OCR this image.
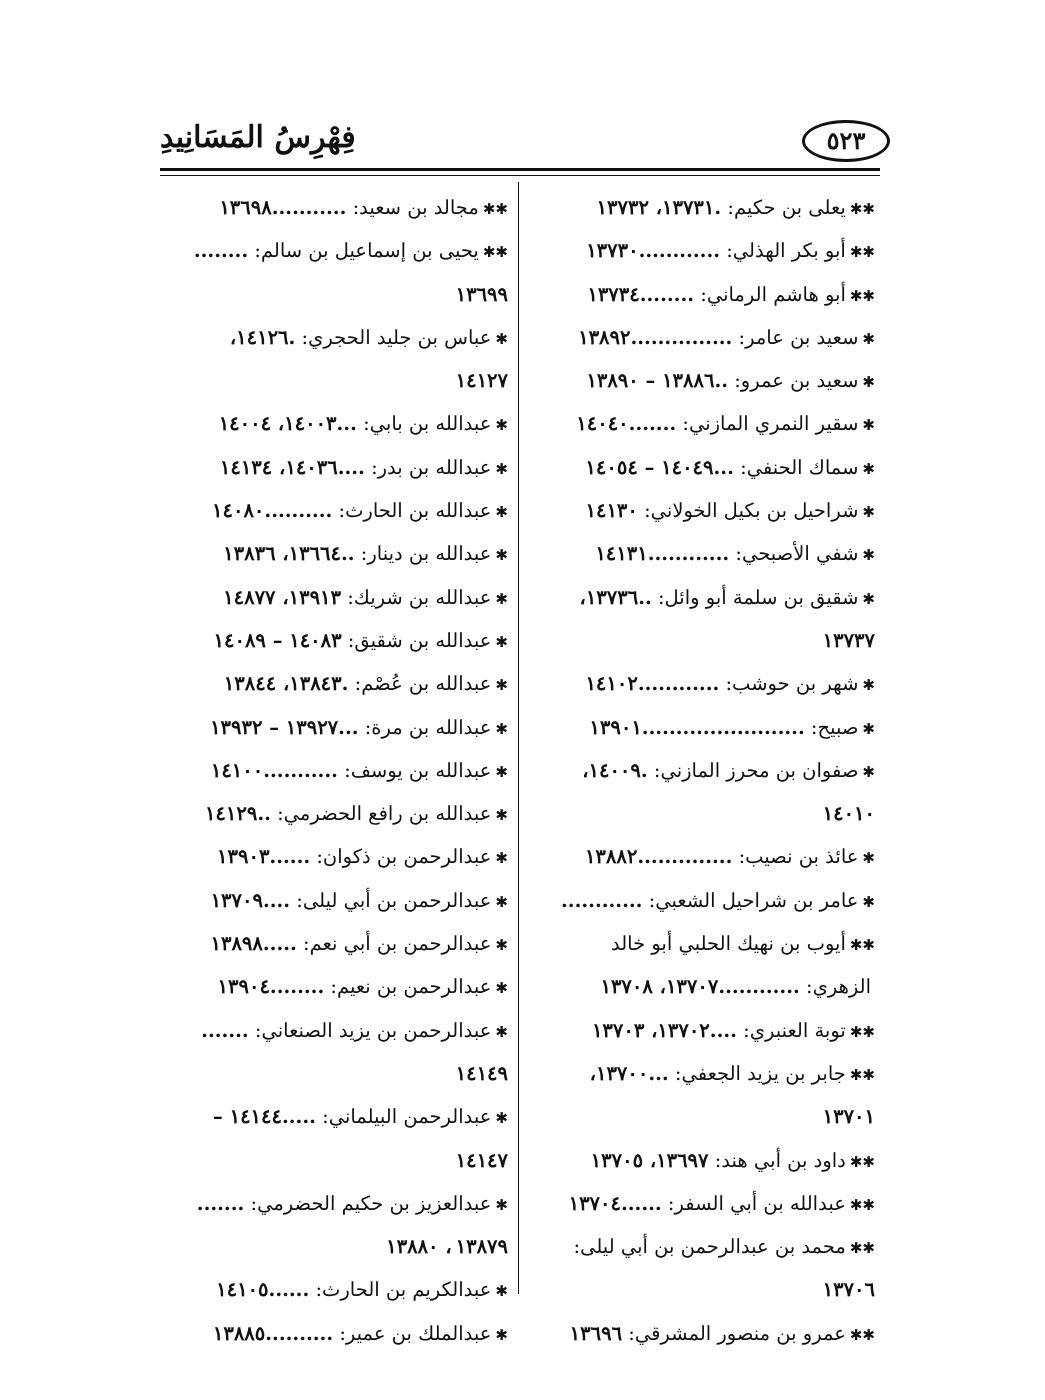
٥٢٣
فِهْرِسُ المَسَانِيدِ
✱✱يعلى بن حكيم: .١٣٧٣١، ١٣٧٣٢
✱✱أبو بكر الهذلي: ............١٣٧٣٠
✱✱أبو هاشم الرماني: ........١٣٧٣٤
✱سعيد بن عامر: ...............١٣٨٩٢
✱سعيد بن عمرو: ..١٣٨٨٦ – ١٣٨٩٠
✱سقير النمري المازني: .......١٤٠٤٠
✱سماك الحنفي: ...١٤٠٤٩ – ١٤٠٥٤
✱شراحيل بن بكيل الخولاني: ١٤١٣٠
✱شفي الأصبحي: ............١٤١٣١
✱شقيق بن سلمة أبو وائل: ..١٣٧٣٦،
١٣٧٣٧
✱شهر بن حوشب: ............١٤١٠٢
✱صبيح: ........................١٣٩٠١
✱صفوان بن محرز المازني: .١٤٠٠٩،
١٤٠١٠
✱عائذ بن نصيب: ..............١٣٨٨٢
✱عامر بن شراحيل الشعبي: ............
✱✱أيوب بن نهيك الحلبي أبو خالد
الزهري: ............١٣٧٠٧، ١٣٧٠٨
✱✱توبة العنبري: ....١٣٧٠٢، ١٣٧٠٣
✱✱جابر بن يزيد الجعفي: ...١٣٧٠٠،
١٣٧٠١
✱✱داود بن أبي هند: ١٣٦٩٧، ١٣٧٠٥
✱✱عبدالله بن أبي السفر: ......١٣٧٠٤
✱✱محمد بن عبدالرحمن بن أبي ليلى:
١٣٧٠٦
✱✱عمرو بن منصور المشرقي: ١٣٦٩٦
✱✱مجالد بن سعيد: ...........١٣٦٩٨
✱✱يحيى بن إسماعيل بن سالم: ........
١٣٦٩٩
✱عباس بن جليد الحجري: .١٤١٢٦،
١٤١٢٧
✱عبدالله بن بابي: ...١٤٠٠٣، ١٤٠٠٤
✱عبدالله بن بدر: ....١٤٠٣٦، ١٤١٣٤
✱عبدالله بن الحارث: ..........١٤٠٨٠
✱عبدالله بن دينار: ..١٣٦٦٤، ١٣٨٣٦
✱عبدالله بن شريك: ١٣٩١٣، ١٤٨٧٧
✱عبدالله بن شقيق: ١٤٠٨٣ – ١٤٠٨٩
✱عبدالله بن عُصْم: .١٣٨٤٣، ١٣٨٤٤
✱عبدالله بن مرة: ...١٣٩٢٧ – ١٣٩٣٢
✱عبدالله بن يوسف: ...........١٤١٠٠
✱عبدالله بن رافع الحضرمي: ..١٤١٢٩
✱عبدالرحمن بن ذكوان: ......١٣٩٠٣
✱عبدالرحمن بن أبي ليلى: ....١٣٧٠٩
✱عبدالرحمن بن أبي نعم: .....١٣٨٩٨
✱عبدالرحمن بن نعيم: ........١٣٩٠٤
✱عبدالرحمن بن يزيد الصنعاني: .......
١٤١٤٩
✱عبدالرحمن البيلماني: .....١٤١٤٤ –
١٤١٤٧
✱عبدالعزيز بن حكيم الحضرمي: .......
١٣٨٧٩، ١٣٨٨٠
✱عبدالكريم بن الحارث: ......١٤١٠٥
✱عبدالملك بن عمير: ..........١٣٨٨٥
